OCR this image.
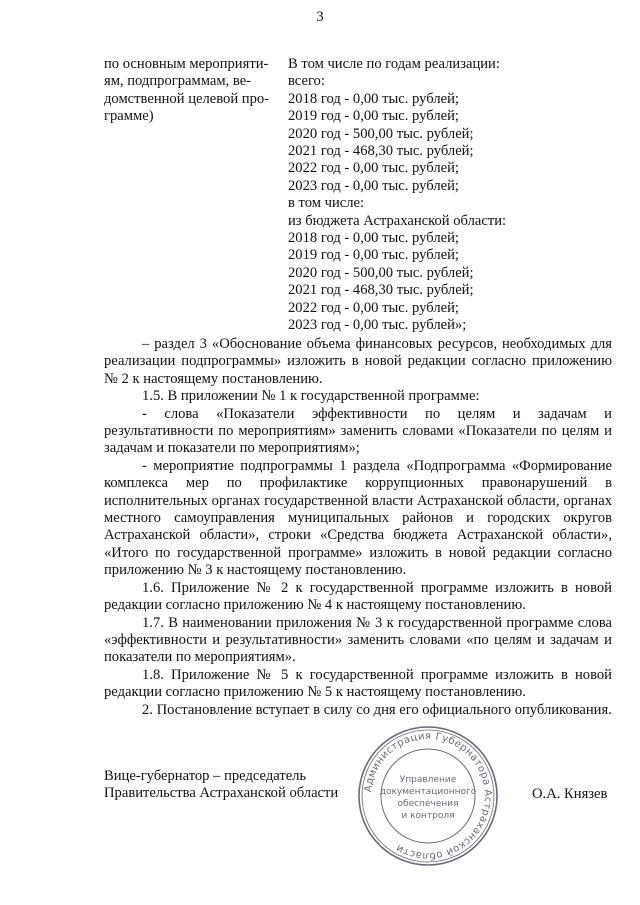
3
по основным мероприяти-
ям, подпрограммам, ве-
домственной целевой про-
грамме)
В том числе по годам реализации:
всего:
2018 год - 0,00 тыс. рублей;
2019 год - 0,00 тыс. рублей;
2020 год - 500,00 тыс. рублей;
2021 год - 468,30 тыс. рублей;
2022 год - 0,00 тыс. рублей;
2023 год - 0,00 тыс. рублей;
в том числе:
из бюджета Астраханской области:
2018 год - 0,00 тыс. рублей;
2019 год - 0,00 тыс. рублей;
2020 год - 500,00 тыс. рублей;
2021 год - 468,30 тыс. рублей;
2022 год - 0,00 тыс. рублей;
2023 год - 0,00 тыс. рублей»;

– раздел 3 «Обоснование объема финансовых ресурсов, необходимых для реализации подпрограммы» изложить в новой редакции согласно приложению № 2 к настоящему постановлению.

1.5. В приложении № 1 к государственной программе:

- слова «Показатели эффективности по целям и задачам и результативности по мероприятиям» заменить словами «Показатели по целям и задачам и показатели по мероприятиям»;

- мероприятие подпрограммы 1 раздела «Подпрограмма «Формирование комплекса мер по профилактике коррупционных правонарушений в исполнительных органах государственной власти Астраханской области, органах местного самоуправления муниципальных районов и городских округов Астраханской области», строки «Средства бюджета Астраханской области», «Итого по государственной программе» изложить в новой редакции согласно приложению № 3 к настоящему постановлению.

1.6. Приложение № 2 к государственной программе изложить в новой редакции согласно приложению № 4 к настоящему постановлению.

1.7. В наименовании приложения № 3 к государственной программе слова «эффективности и результативности» заменить словами «по целям и задачам и показатели по мероприятиям».

1.8. Приложение № 5 к государственной программе изложить в новой редакции согласно приложению № 5 к настоящему постановлению.

2. Постановление вступает в силу со дня его официального опубликования.

Вице-губернатор – председатель
Правительства Астраханской области	О.А. Князев
Администрация Губернатора Астраханской области
Управление
документационного
обеспечения
и контроля
